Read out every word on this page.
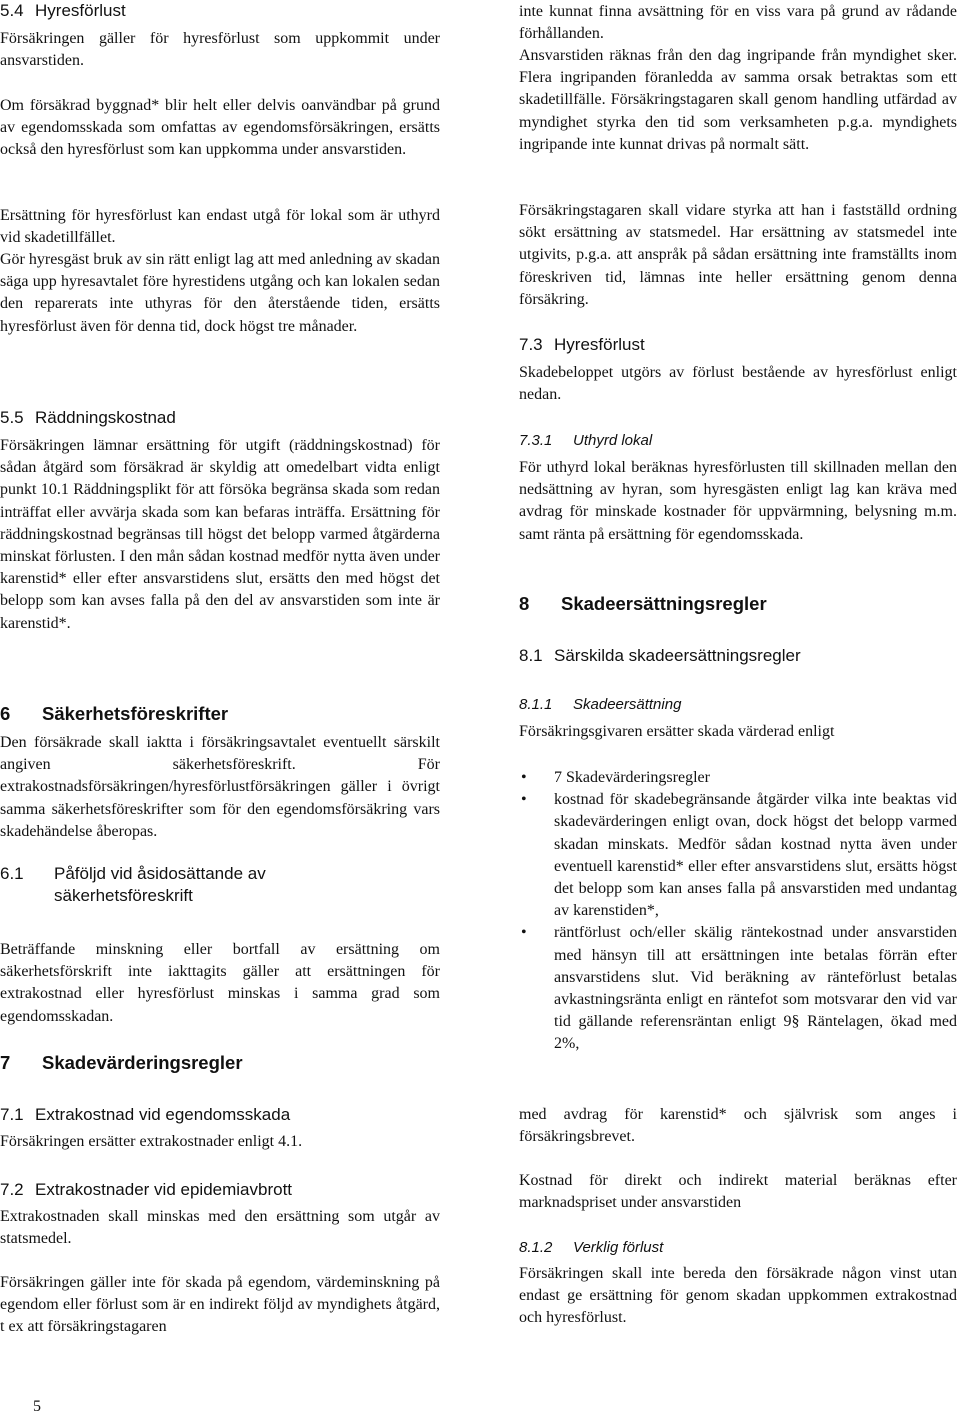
5.4 Hyresförlust

Försäkringen gäller för hyresförlust som uppkommit under ansvarstiden.

Om försäkrad byggnad* blir helt eller delvis oanvändbar på grund av egendomsskada som omfattas av egendomsförsäkringen, ersätts också den hyresförlust som kan uppkomma under ansvarstiden.

Ersättning för hyresförlust kan endast utgå för lokal som är uthyrd vid skadetillfället.

Gör hyresgäst bruk av sin rätt enligt lag att med anledning av skadan säga upp hyresavtalet före hyrestidens utgång och kan lokalen sedan den reparerats inte uthyras för den återstående tiden, ersätts hyresförlust även för denna tid, dock högst tre månader.

5.5 Räddningskostnad

Försäkringen lämnar ersättning för utgift (räddningskostnad) för sådan åtgärd som försäkrad är skyldig att omedelbart vidta enligt punkt 10.1 Räddningsplikt för att försöka begränsa skada som redan inträffat eller avvärja skada som kan befaras inträffa. Ersättning för räddningskostnad begränsas till högst det belopp varmed åtgärderna minskat förlusten. I den mån sådan kostnad medför nytta även under karenstid* eller efter ansvarstidens slut, ersätts den med högst det belopp som kan avses falla på den del av ansvarstiden som inte är karenstid*.

6 Säkerhetsföreskrifter

Den försäkrade skall iaktta i försäkringsavtalet eventuellt särskilt angiven säkerhetsföreskrift. För extrakostnadsförsäkringen/hyresförlustförsäkringen gäller i övrigt samma säkerhetsföreskrifter som för den egendomsförsäkring vars skadehändelse åberopas.

6.1	Påföljd vid åsidosättande av säkerhetsföreskrift

Beträffande minskning eller bortfall av ersättning om säkerhetsförskrift inte iakttagits gäller att ersättningen för extrakostnad eller hyresförlust minskas i samma grad som egendomsskadan.

7 Skadevärderingsregler
7.1 Extrakostnad vid egendomsskada

Försäkringen ersätter extrakostnader enligt 4.1.

7.2 Extrakostnader vid epidemiavbrott

Extrakostnaden skall minskas med den ersättning som utgår av statsmedel.

Försäkringen gäller inte för skada på egendom, värdeminskning på egendom eller förlust som är en indirekt följd av myndighets åtgärd, t ex att försäkringstagaren

inte kunnat finna avsättning för en viss vara på grund av rådande förhållanden.

Ansvarstiden räknas från den dag ingripande från myndighet sker. Flera ingripanden föranledda av samma orsak betraktas som ett skadetillfälle. Försäkringstagaren skall genom handling utfärdad av myndighet styrka den tid som verksamheten p.g.a. myndighets ingripande inte kunnat drivas på normalt sätt.

Försäkringstagaren skall vidare styrka att han i fastställd ordning sökt ersättning av statsmedel. Har ersättning av statsmedel inte utgivits, p.g.a. att anspråk på sådan ersättning inte framställts inom föreskriven tid, lämnas inte heller ersättning genom denna försäkring.

7.3 Hyresförlust

Skadebeloppet utgörs av förlust bestående av hyresförlust enligt nedan.

7.3.1 Uthyrd lokal

För uthyrd lokal beräknas hyresförlusten till skillnaden mellan den nedsättning av hyran, som hyresgästen enligt lag kan kräva med avdrag för minskade kostnader för uppvärmning, belysning m.m. samt ränta på ersättning för egendomsskada.

8 Skadeersättningsregler
8.1 Särskilda skadeersättningsregler
8.1.1 Skadeersättning

Försäkringsgivaren ersätter skada värderad enligt

• 7 Skadevärderingsregler
• kostnad för skadebegränsande åtgärder vilka inte beaktas vid skadevärderingen enligt ovan, dock högst det belopp varmed skadan minskats. Medför sådan kostnad nytta även under eventuell karenstid* eller efter ansvarstidens slut, ersätts högst det belopp som kan anses falla på ansvarstiden med undantag av karenstiden*,
• räntförlust och/eller skälig räntekostnad under ansvarstiden med hänsyn till att ersättningen inte betalas förrän efter ansvarstidens slut. Vid beräkning av ränteförlust betalas avkastningsränta enligt en räntefot som motsvarar den vid var tid gällande referensräntan enligt 9§ Räntelagen, ökad med 2%,

med avdrag för karenstid* och självrisk som anges i försäkringsbrevet.

Kostnad för direkt och indirekt material beräknas efter marknadspriset under ansvarstiden

8.1.2 Verklig förlust

Försäkringen skall inte bereda den försäkrade någon vinst utan endast ge ersättning för genom skadan uppkommen extrakostnad och hyresförlust.

5
